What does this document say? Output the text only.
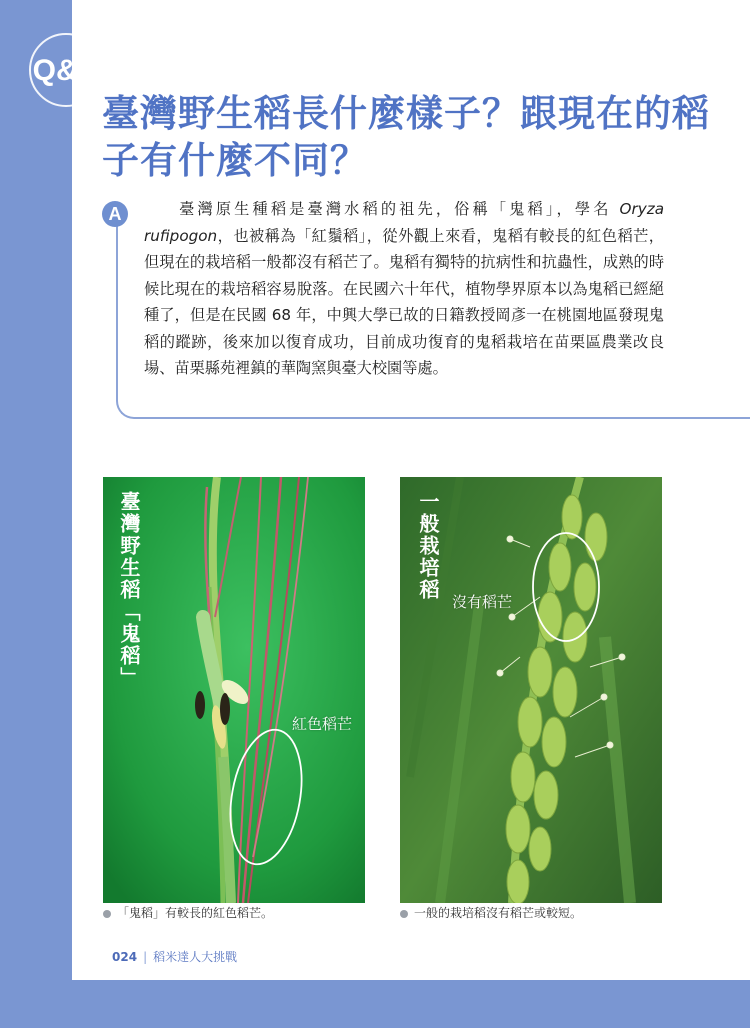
Q&A
臺灣野生稻長什麼樣子？跟現在的稻子有什麼不同？
A	臺灣原生種稻是臺灣水稻的祖先，俗稱「鬼稻」，學名 Oryza rufipogon，也被稱為「紅鬚稻」，從外觀上來看，鬼稻有較長的紅色稻芒，但現在的栽培稻一般都沒有稻芒了。鬼稻有獨特的抗病性和抗蟲性，成熟的時候比現在的栽培稻容易脫落。在民國六十年代，植物學界原本以為鬼稻已經絕種了，但是在民國 68 年，中興大學已故的日籍教授岡彥一在桃園地區發現鬼稻的蹤跡，後來加以復育成功，目前成功復育的鬼稻栽培在苗栗區農業改良場、苗栗縣苑裡鎮的華陶窯與臺大校園等處。
臺灣野生稻「鬼稻」
紅色稻芒
一般栽培稻
沒有稻芒
「鬼稻」有較長的紅色稻芒。	一般的栽培稻沒有稻芒或較短。
024 | 稻米達人大挑戰
